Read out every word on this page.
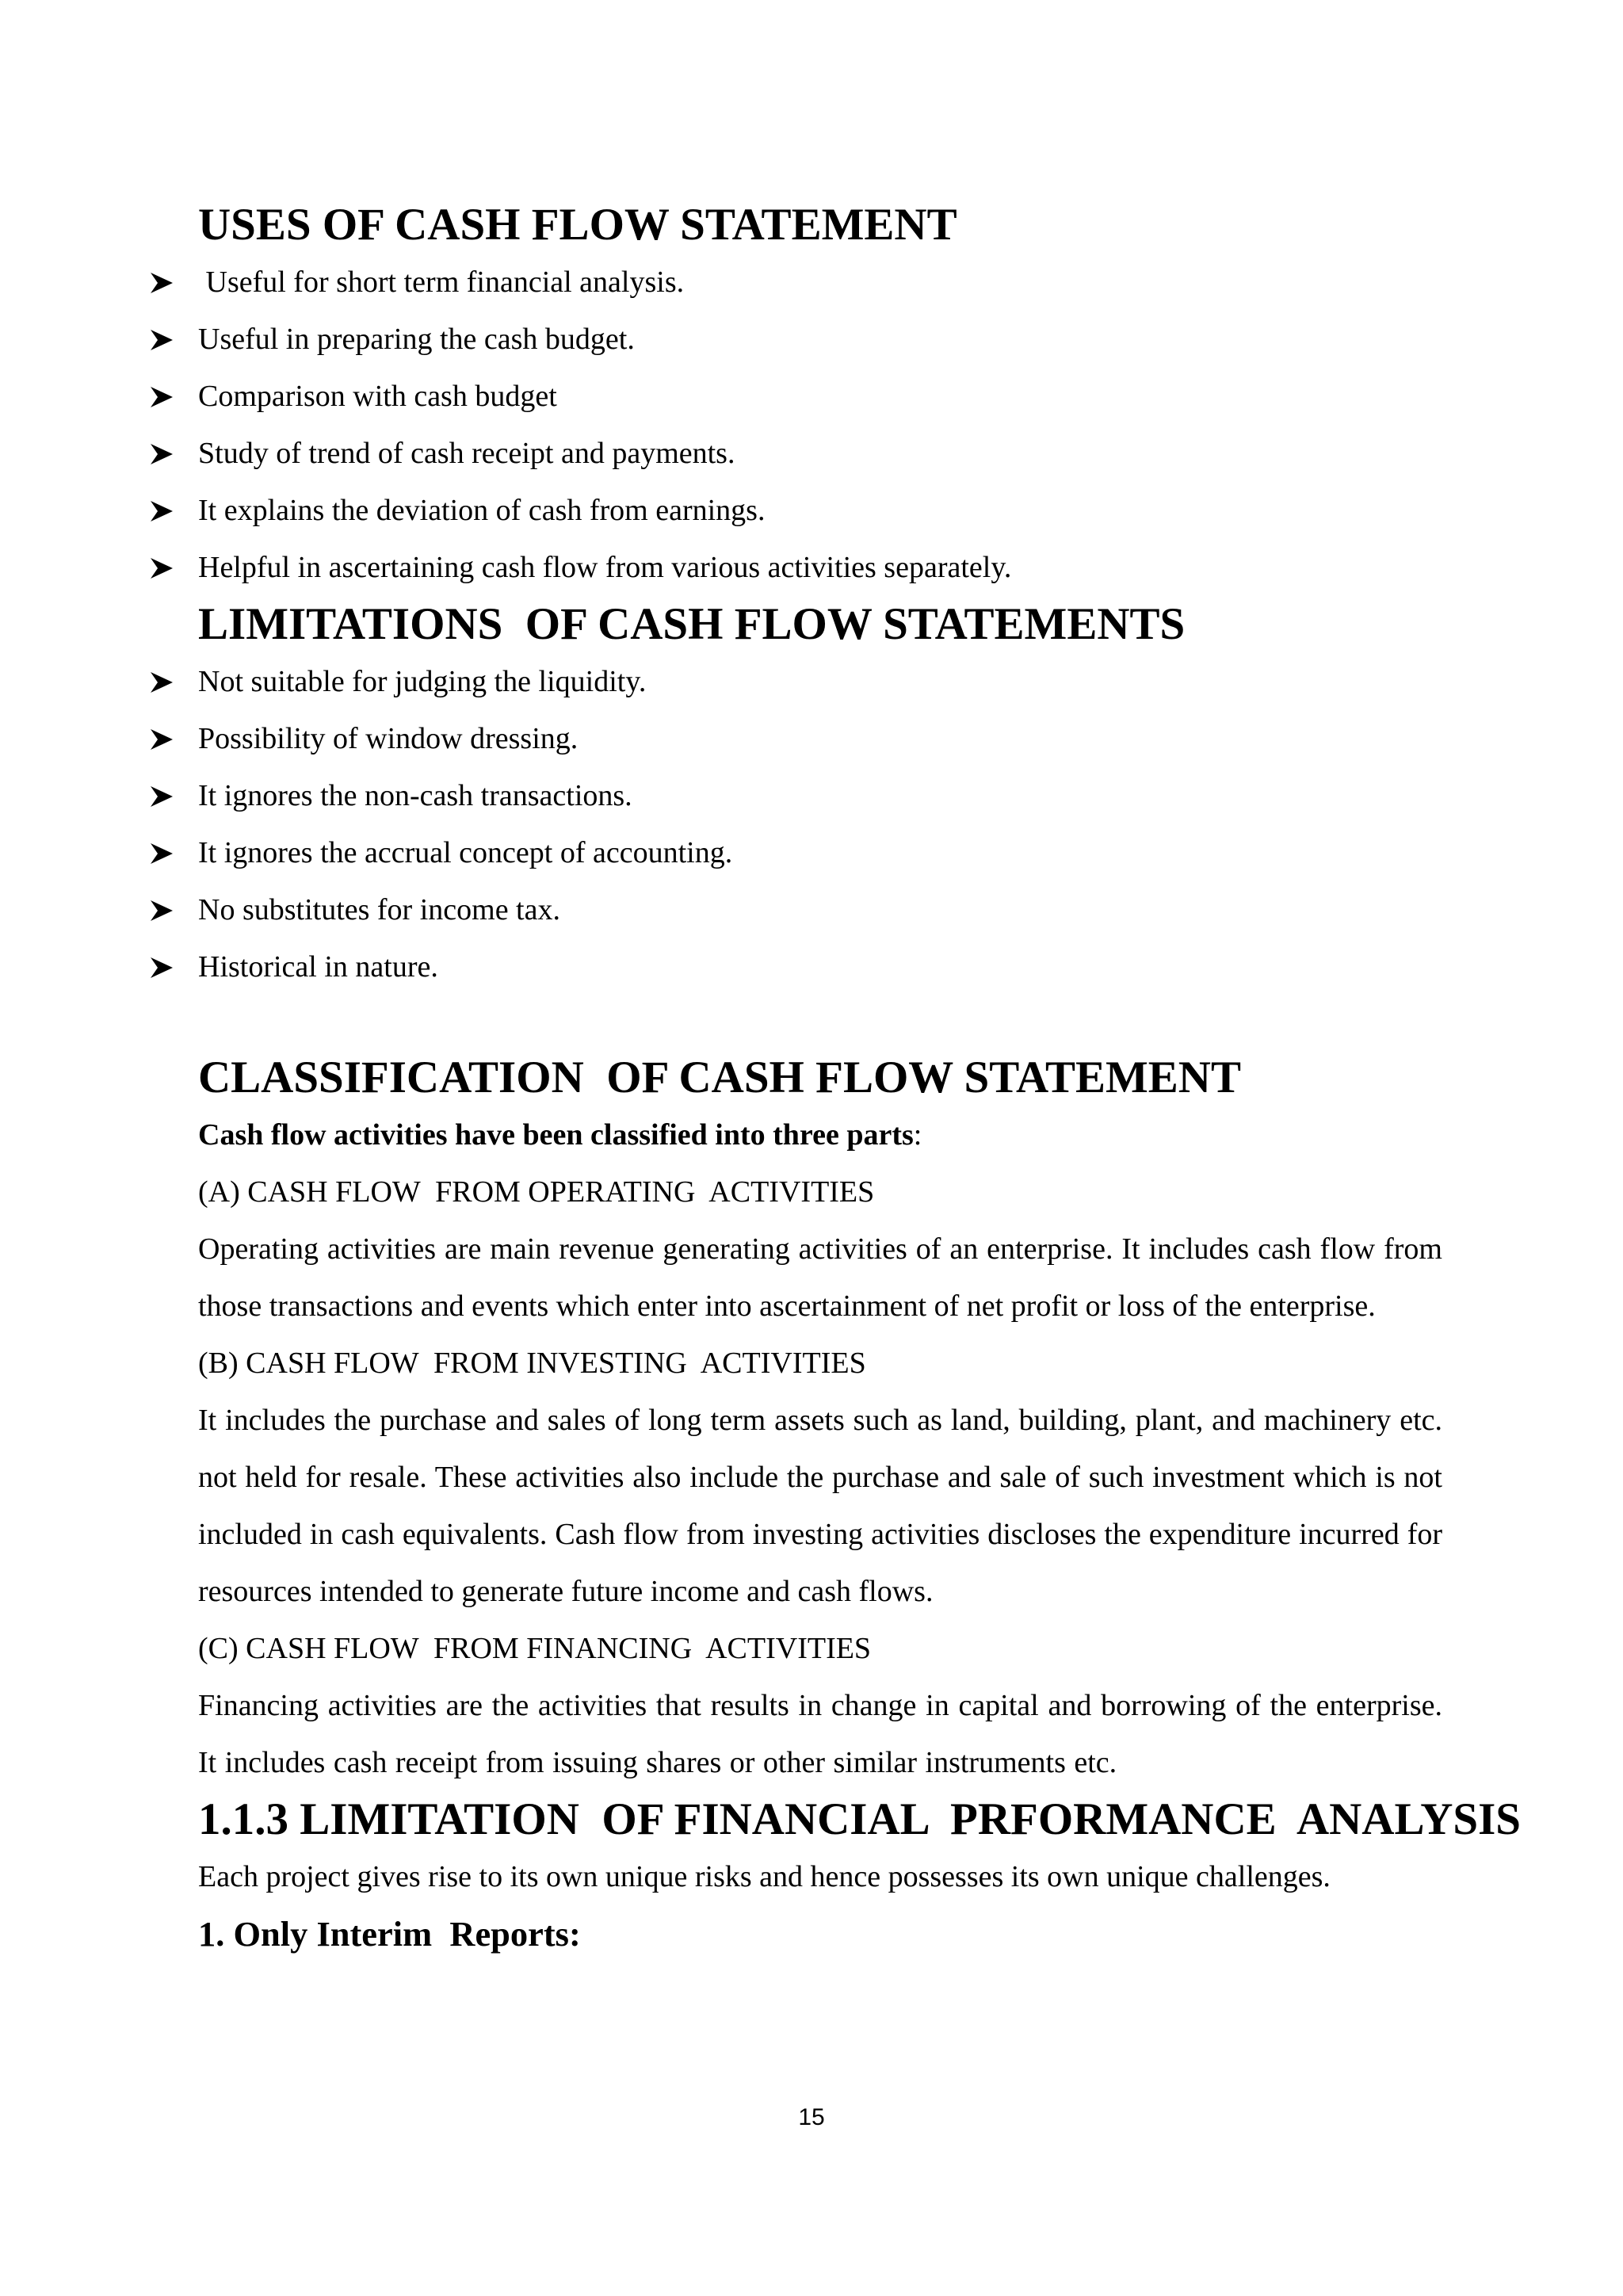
USES OF CASH FLOW STATEMENT
Useful for short term financial analysis.
Useful in preparing the cash budget.
Comparison with cash budget
Study of trend of cash receipt and payments.
It explains the deviation of cash from earnings.
Helpful in ascertaining cash flow from various activities separately.
LIMITATIONS  OF CASH FLOW STATEMENTS
Not suitable for judging the liquidity.
Possibility of window dressing.
It ignores the non-cash transactions.
It ignores the accrual concept of accounting.
No substitutes for income tax.
Historical in nature.
CLASSIFICATION  OF CASH FLOW STATEMENT

Cash flow activities have been classified into three parts:

(A) CASH FLOW  FROM OPERATING  ACTIVITIES

Operating activities are main revenue generating activities of an enterprise. It includes cash flow from those transactions and events which enter into ascertainment of net profit or loss of the enterprise.

(B) CASH FLOW  FROM INVESTING  ACTIVITIES

It includes the purchase and sales of long term assets such as land, building, plant, and machinery etc. not held for resale. These activities also include the purchase and sale of such investment which is not included in cash equivalents. Cash flow from investing activities discloses the expenditure incurred for resources intended to generate future income and cash flows.

(C) CASH FLOW  FROM FINANCING  ACTIVITIES

Financing activities are the activities that results in change in capital and borrowing of the enterprise. It includes cash receipt from issuing shares or other similar instruments etc.

1.1.3 LIMITATION  OF FINANCIAL  PRFORMANCE  ANALYSIS

Each project gives rise to its own unique risks and hence possesses its own unique challenges.

1. Only Interim  Reports:
15
